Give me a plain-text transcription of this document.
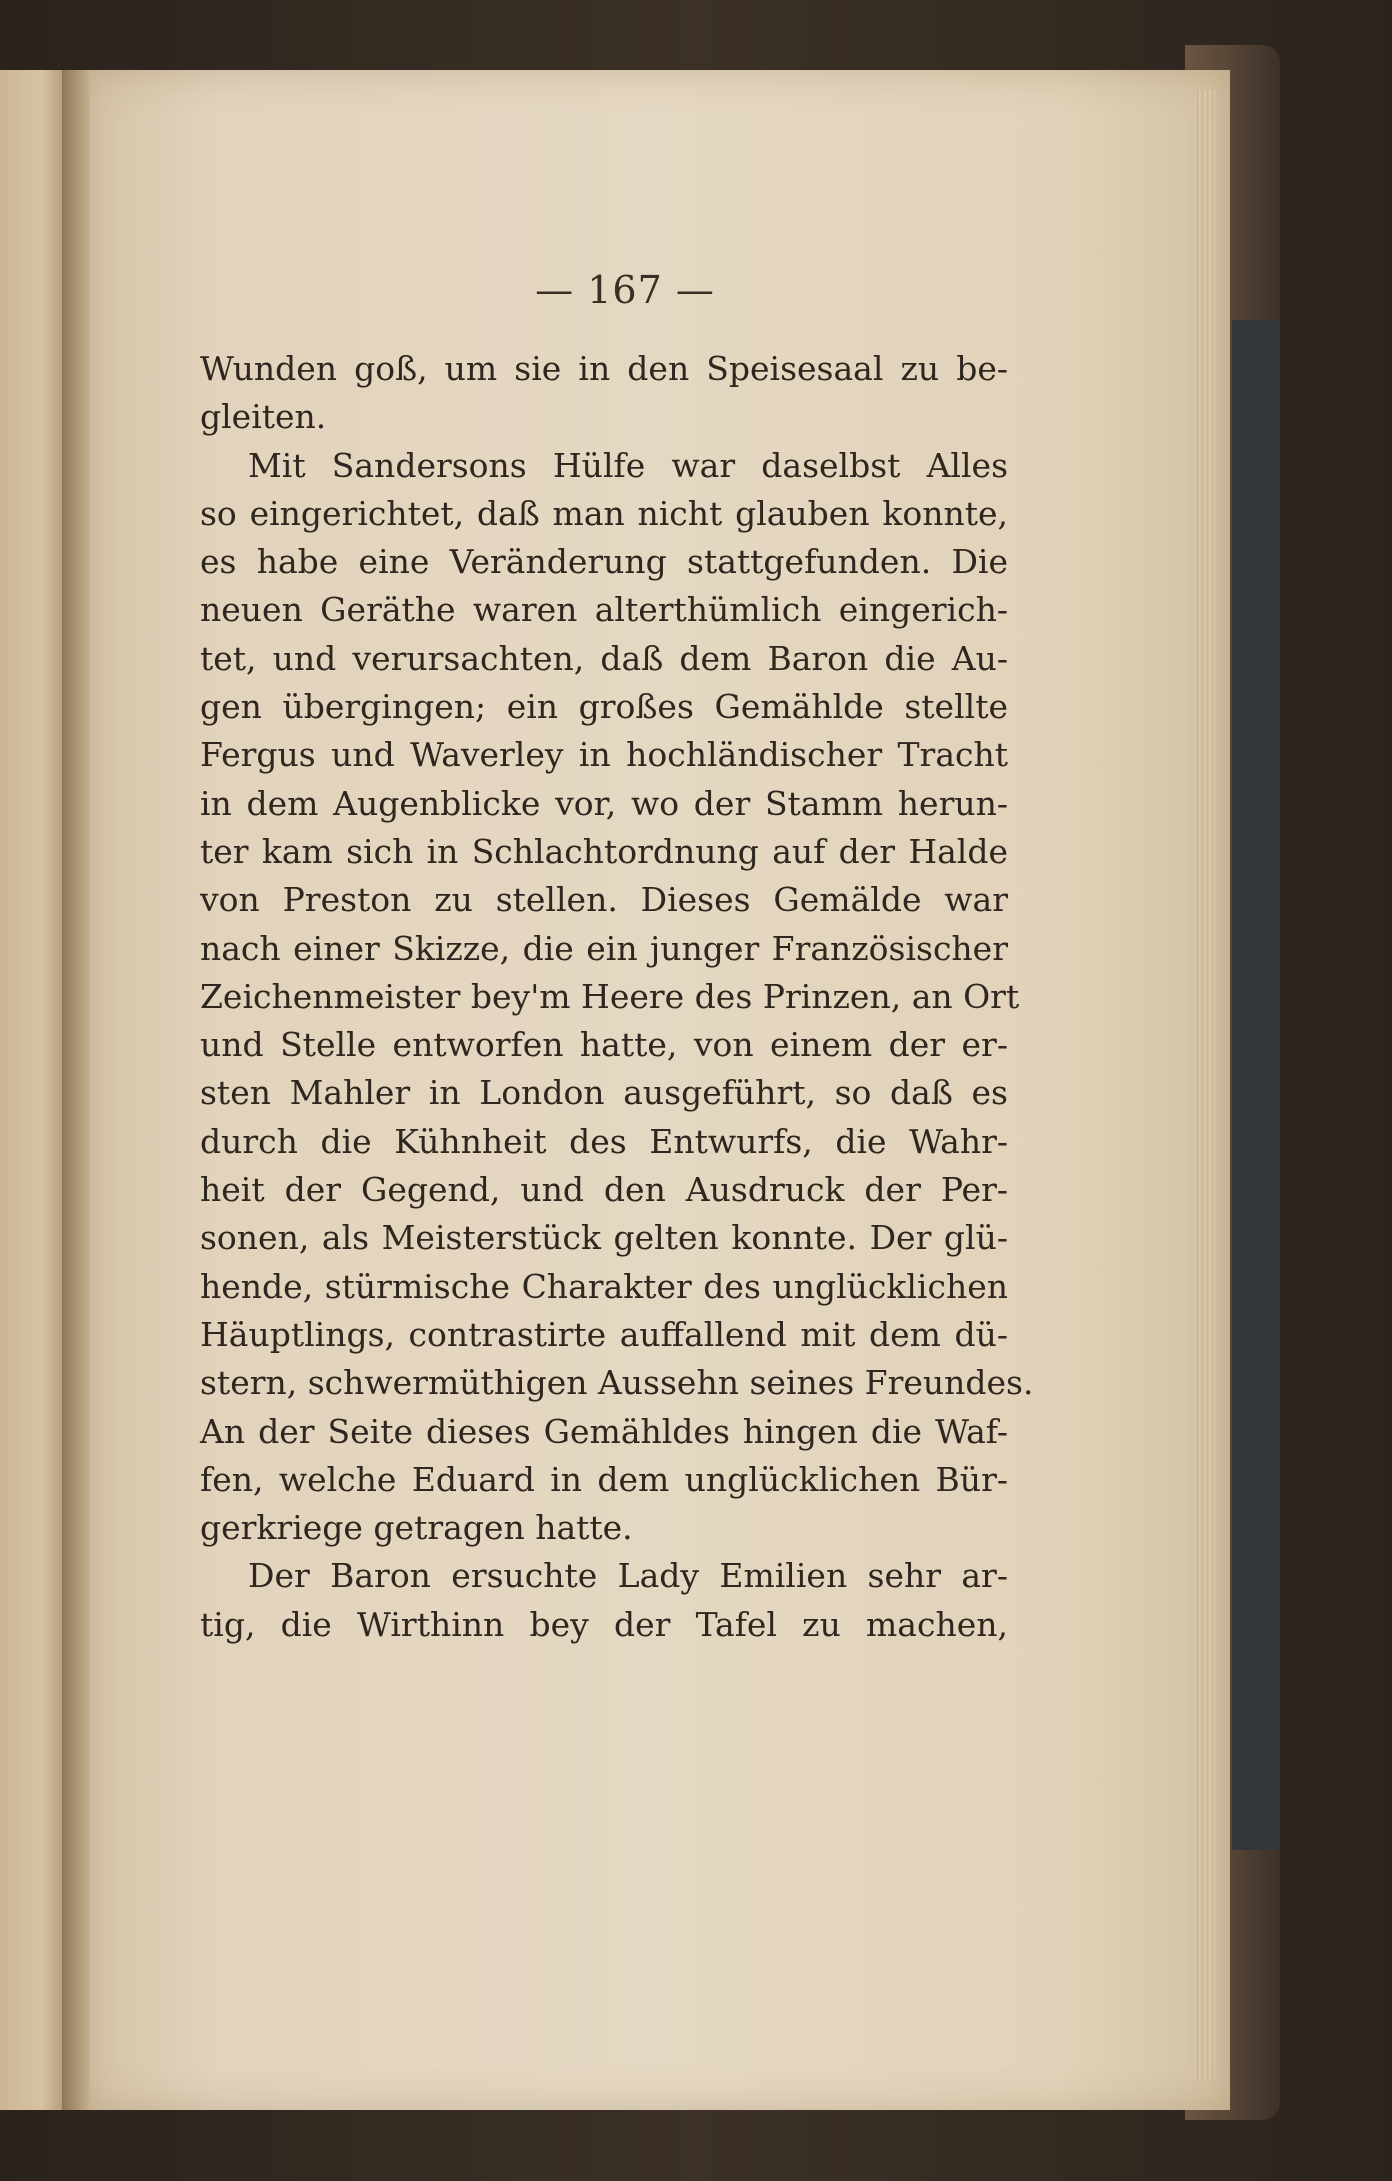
— 167 —
Wunden goß, um sie in den Speisesaal zu be-
gleiten.
Mit Sandersons Hülfe war daselbst Alles
so eingerichtet, daß man nicht glauben konnte,
es habe eine Veränderung stattgefunden. Die
neuen Geräthe waren alterthümlich eingerich-
tet, und verursachten, daß dem Baron die Au-
gen übergingen; ein großes Gemählde stellte
Fergus und Waverley in hochländischer Tracht
in dem Augenblicke vor, wo der Stamm herun-
ter kam sich in Schlachtordnung auf der Halde
von Preston zu stellen. Dieses Gemälde war
nach einer Skizze, die ein junger Französischer
Zeichenmeister bey'm Heere des Prinzen, an Ort
und Stelle entworfen hatte, von einem der er-
sten Mahler in London ausgeführt, so daß es
durch die Kühnheit des Entwurfs, die Wahr-
heit der Gegend, und den Ausdruck der Per-
sonen, als Meisterstück gelten konnte. Der glü-
hende, stürmische Charakter des unglücklichen
Häuptlings, contrastirte auffallend mit dem dü-
stern, schwermüthigen Aussehn seines Freundes.
An der Seite dieses Gemähldes hingen die Waf-
fen, welche Eduard in dem unglücklichen Bür-
gerkriege getragen hatte.
Der Baron ersuchte Lady Emilien sehr ar-
tig, die Wirthinn bey der Tafel zu machen,
